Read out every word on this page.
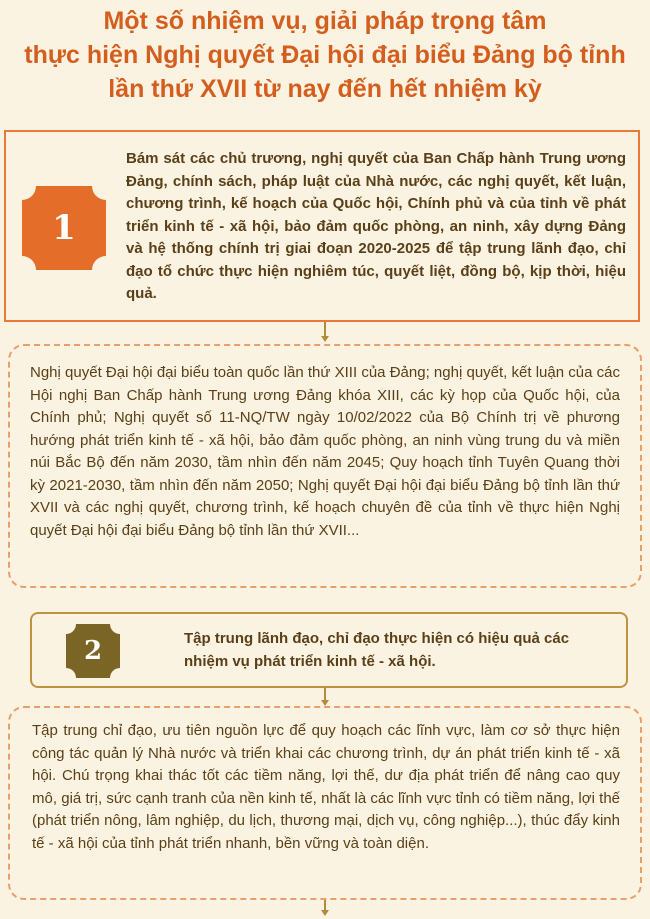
Một số nhiệm vụ, giải pháp trọng tâm
thực hiện Nghị quyết Đại hội đại biểu Đảng bộ tỉnh
lần thứ XVII từ nay đến hết nhiệm kỳ
1
Bám sát các chủ trương, nghị quyết của Ban Chấp hành Trung ương Đảng, chính sách, pháp luật của Nhà nước, các nghị quyết, kết luận, chương trình, kế hoạch của Quốc hội, Chính phủ và của tỉnh về phát triển kinh tế - xã hội, bảo đảm quốc phòng, an ninh, xây dựng Đảng và hệ thống chính trị giai đoạn 2020-2025 để tập trung lãnh đạo, chỉ đạo tổ chức thực hiện nghiêm túc, quyết liệt, đồng bộ, kịp thời, hiệu quả.
Nghị quyết Đại hội đại biểu toàn quốc lần thứ XIII của Đảng; nghị quyết, kết luận của các Hội nghị Ban Chấp hành Trung ương Đảng khóa XIII, các kỳ họp của Quốc hội, của Chính phủ; Nghị quyết số 11-NQ/TW ngày 10/02/2022 của Bộ Chính trị về phương hướng phát triển kinh tế - xã hội, bảo đảm quốc phòng, an ninh vùng trung du và miền núi Bắc Bộ đến năm 2030, tầm nhìn đến năm 2045; Quy hoạch tỉnh Tuyên Quang thời kỳ 2021-2030, tầm nhìn đến năm 2050; Nghị quyết Đại hội đại biểu Đảng bộ tỉnh lần thứ XVII và các nghị quyết, chương trình, kế hoạch chuyên đề của tỉnh về thực hiện Nghị quyết Đại hội đại biểu Đảng bộ tỉnh lần thứ XVII...
2	Tập trung lãnh đạo, chỉ đạo thực hiện có hiệu quả các nhiệm vụ phát triển kinh tế - xã hội.
Tập trung chỉ đạo, ưu tiên nguồn lực để quy hoạch các lĩnh vực, làm cơ sở thực hiện công tác quản lý Nhà nước và triển khai các chương trình, dự án phát triển kinh tế - xã hội. Chú trọng khai thác tốt các tiềm năng, lợi thế, dư địa phát triển để nâng cao quy mô, giá trị, sức cạnh tranh của nền kinh tế, nhất là các lĩnh vực tỉnh có tiềm năng, lợi thế (phát triển nông, lâm nghiệp, du lịch, thương mại, dịch vụ, công nghiệp...), thúc đẩy kinh tế - xã hội của tỉnh phát triển nhanh, bền vững và toàn diện.
